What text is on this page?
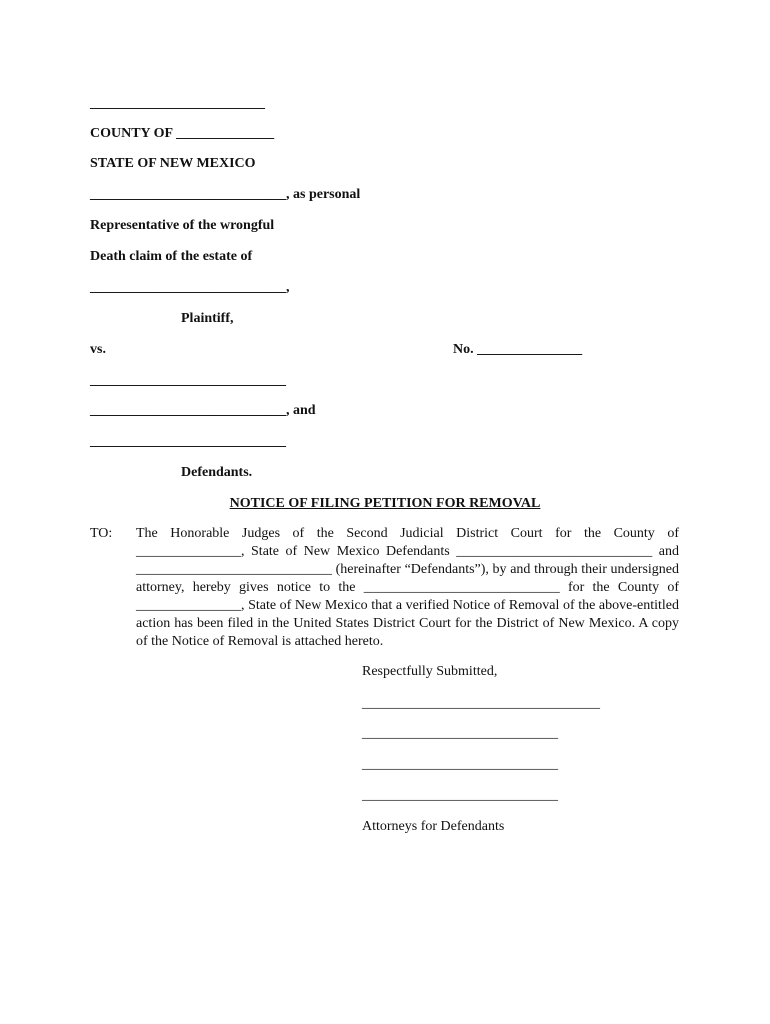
_________________________
COUNTY OF ______________
STATE OF NEW MEXICO
____________________________, as personal
Representative of the wrongful
Death claim of the estate of
____________________________,
Plaintiff,
vs.	No. _______________
____________________________
____________________________, and
____________________________
Defendants.
NOTICE OF FILING PETITION FOR REMOVAL
TO: The Honorable Judges of the Second Judicial District Court for the County of _______________, State of New Mexico Defendants ____________________________ and ____________________________ (hereinafter “Defendants”), by and through their undersigned attorney, hereby gives notice to the ____________________________ for the County of _______________, State of New Mexico that a verified Notice of Removal of the above-entitled action has been filed in the United States District Court for the District of New Mexico. A copy of the Notice of Removal is attached hereto.
Respectfully Submitted,
__________________________________
____________________________
____________________________
____________________________
Attorneys for Defendants
